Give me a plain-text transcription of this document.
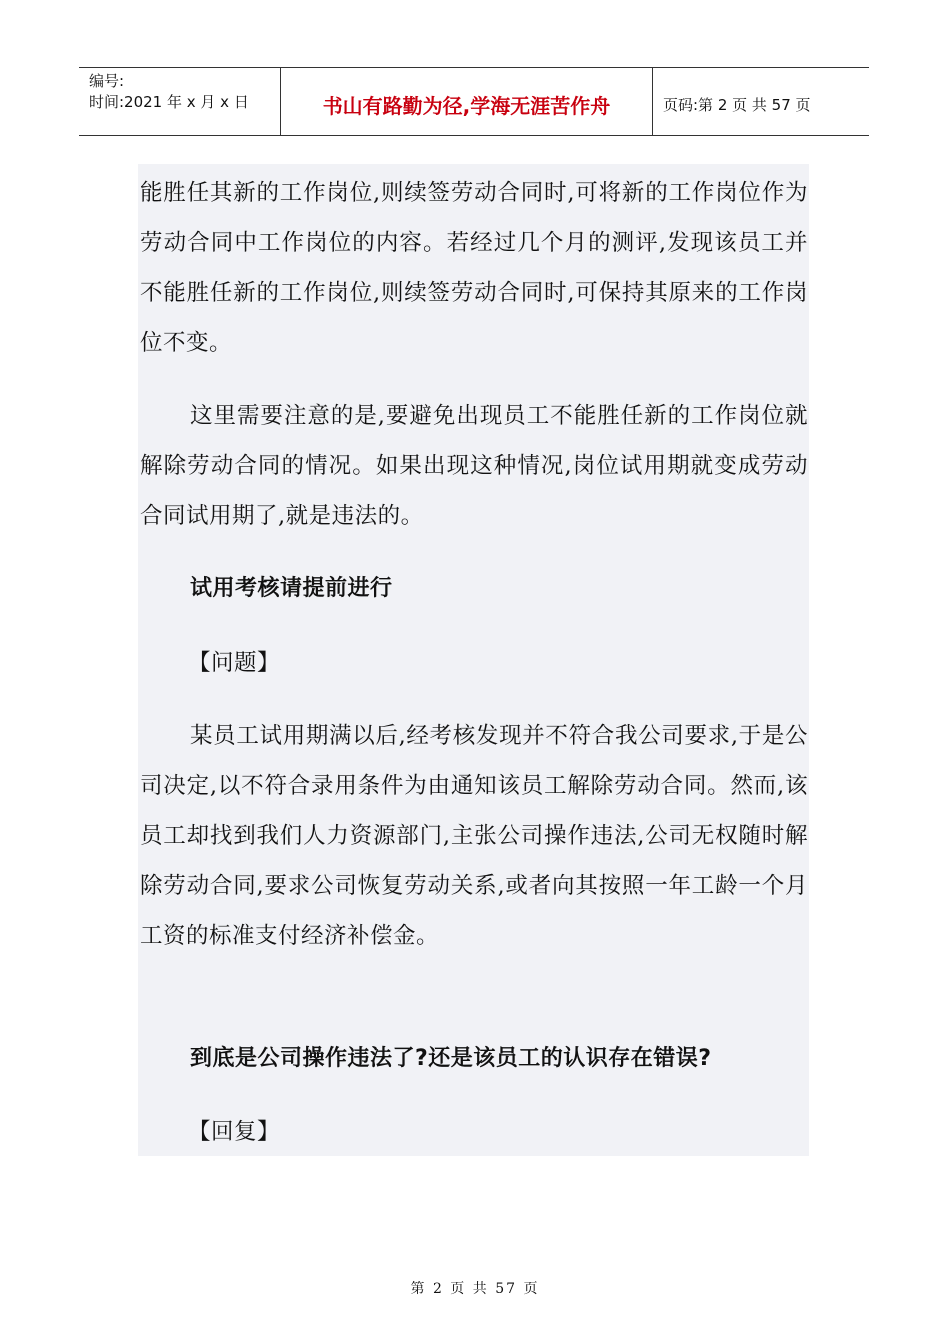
编号:
时间:2021 年 x 月 x 日	书山有路勤为径,学海无涯苦作舟	页码:第 2 页 共 57 页

能胜任其新的工作岗位,则续签劳动合同时,可将新的工作岗位作为劳动合同中工作岗位的内容。若经过几个月的测评,发现该员工并不能胜任新的工作岗位,则续签劳动合同时,可保持其原来的工作岗位不变。

这里需要注意的是,要避免出现员工不能胜任新的工作岗位就解除劳动合同的情况。如果出现这种情况,岗位试用期就变成劳动合同试用期了,就是违法的。

试用考核请提前进行

【问题】

某员工试用期满以后,经考核发现并不符合我公司要求,于是公司决定,以不符合录用条件为由通知该员工解除劳动合同。然而,该员工却找到我们人力资源部门,主张公司操作违法,公司无权随时解除劳动合同,要求公司恢复劳动关系,或者向其按照一年工龄一个月工资的标准支付经济补偿金。

到底是公司操作违法了?还是该员工的认识存在错误?

【回复】

第 2 页 共 57 页
